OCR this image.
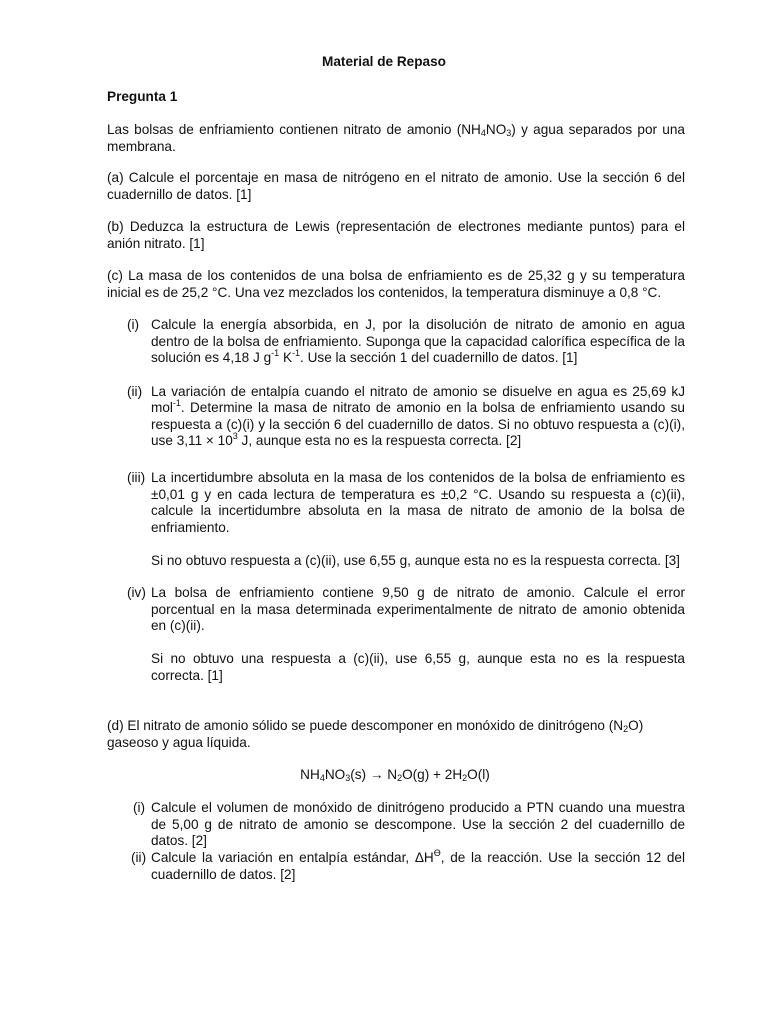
Material de Repaso
Pregunta 1
Las bolsas de enfriamiento contienen nitrato de amonio $(NH_4NO_3)$ y agua separados por una membrana.
(a) Calcule el porcentaje en masa de nitrógeno en el nitrato de amonio. Use la sección 6 del cuadernillo de datos. [1]
(b) Deduzca la estructura de Lewis (representación de electrones mediante puntos) para el anión nitrato. [1]
(c) La masa de los contenidos de una bolsa de enfriamiento es de 25,32 g y su temperatura inicial es de 25,2 °C. Una vez mezclados los contenidos, la temperatura disminuye a 0,8 °C.
(i) Calcule la energía absorbida, en J, por la disolución de nitrato de amonio en agua dentro de la bolsa de enfriamiento. Suponga que la capacidad calorífica específica de la solución es 4,18 J $g^{-1}$ $K^{-1}$. Use la sección 1 del cuadernillo de datos. [1]
(ii) La variación de entalpía cuando el nitrato de amonio se disuelve en agua es 25,69 kJ mol$^{-1}$. Determine la masa de nitrato de amonio en la bolsa de enfriamiento usando su respuesta a (c)(i) y la sección 6 del cuadernillo de datos. Si no obtuvo respuesta a (c)(i), use $3,11 \times 10^3$ J, aunque esta no es la respuesta correcta. [2]
(iii) La incertidumbre absoluta en la masa de los contenidos de la bolsa de enfriamiento es ±0,01 g y en cada lectura de temperatura es ±0,2 °C. Usando su respuesta a (c)(ii), calcule la incertidumbre absoluta en la masa de nitrato de amonio de la bolsa de enfriamiento.
Si no obtuvo respuesta a (c)(ii), use 6,55 g, aunque esta no es la respuesta correcta. [3]
(iv) La bolsa de enfriamiento contiene 9,50 g de nitrato de amonio. Calcule el error porcentual en la masa determinada experimentalmente de nitrato de amonio obtenida en (c)(ii).
Si no obtuvo una respuesta a (c)(ii), use 6,55 g, aunque esta no es la respuesta correcta. [1]
(d) El nitrato de amonio sólido se puede descomponer en monóxido de dinitrógeno $(N_2O)$ gaseoso y agua líquida.
$NH_4NO_3(s) \to N_2O(g) + 2H_2O(l)$
(i) Calcule el volumen de monóxido de dinitrógeno producido a PTN cuando una muestra de 5,00 g de nitrato de amonio se descompone. Use la sección 2 del cuadernillo de datos. [2]
(ii) Calcule la variación en entalpía estándar, $\Delta H^Ө$, de la reacción. Use la sección 12 del cuadernillo de datos. [2]
